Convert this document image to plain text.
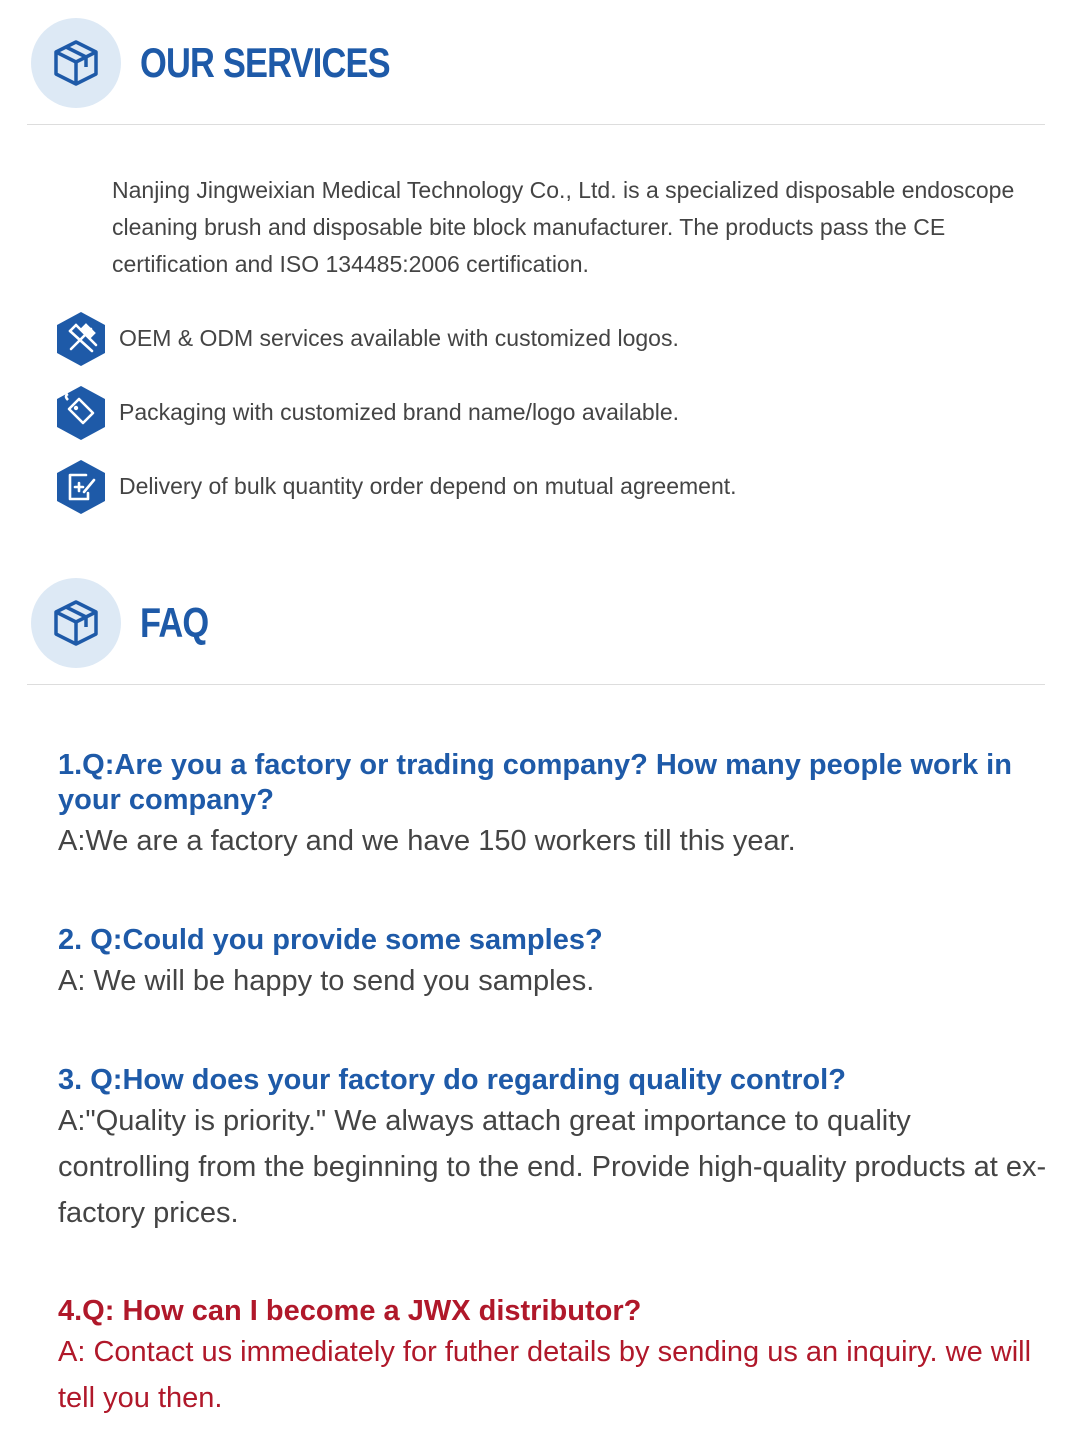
OUR SERVICES

Nanjing Jingweixian Medical Technology Co., Ltd. is a specialized disposable endoscope cleaning brush and disposable bite block manufacturer. The products pass the CE certification and ISO 134485:2006 certification.

OEM & ODM services available with customized logos.
Packaging with customized brand name/logo available.
Delivery of bulk quantity order depend on mutual agreement.
FAQ

1.Q:Are you a factory or trading company? How many people work in your company?

A:We are a factory and we have 150 workers till this year.

2. Q:Could you provide some samples?

A: We will be happy to send you samples.

3. Q:How does your factory do regarding quality control?

A:"Quality is priority." We always attach great importance to quality controlling from the beginning to the end. Provide high-quality products at ex-factory prices.

4.Q: How can I become a JWX distributor?

A: Contact us immediately for futher details by sending us an inquiry. we will tell you then.
